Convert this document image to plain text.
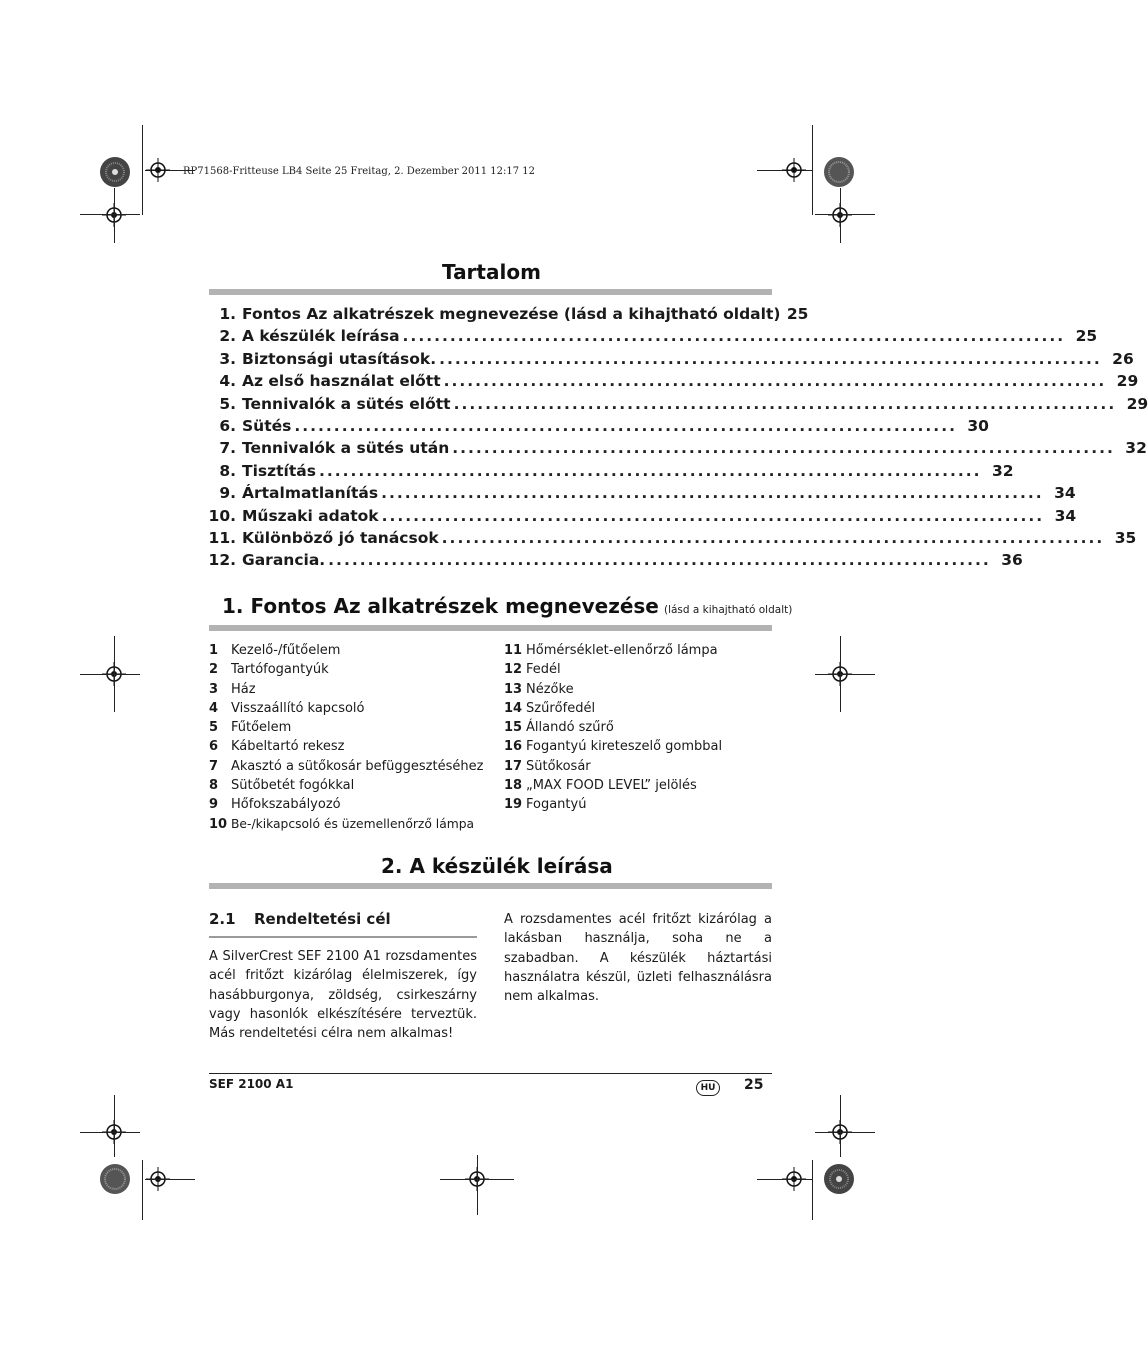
RP71568-Fritteuse LB4 Seite 25 Freitag, 2. Dezember 2011 12:17 12
Tartalom
1. Fontos Az alkatrészek megnevezése (lásd a kihajtható oldalt) 25
2. A készülék leírása .................................................................................... 25
3. Biztonsági utasítások. .................................................................................... 26
4. Az első használat előtt .................................................................................... 29
5. Tennivalók a sütés előtt .................................................................................... 29
6. Sütés .................................................................................... 30
7. Tennivalók a sütés után .................................................................................... 32
8. Tisztítás .................................................................................... 32
9. Ártalmatlanítás .................................................................................... 34
10. Műszaki adatok .................................................................................... 34
11. Különböző jó tanácsok .................................................................................... 35
12. Garancia. .................................................................................... 36
1. Fontos Az alkatrészek megnevezése (lásd a kihajtható oldalt)
1 Kezelő-/fűtőelem
2 Tartófogantyúk
3 Ház
4 Visszaállító kapcsoló
5 Fűtőelem
6 Kábeltartó rekesz
7 Akasztó a sütőkosár befüggesztéséhez
8 Sütőbetét fogókkal
9 Hőfokszabályozó
10 Be-/kikapcsoló és üzemellenőrző lámpa
11 Hőmérséklet-ellenőrző lámpa
12 Fedél
13 Nézőke
14 Szűrőfedél
15 Állandó szűrő
16 Fogantyú kireteszelő gombbal
17 Sütőkosár
18 „MAX FOOD LEVEL” jelölés
19 Fogantyú
2. A készülék leírása
2.1 Rendeltetési cél
A SilverCrest SEF 2100 A1 rozsdamentes acél fritőzt kizárólag élelmiszerek, így hasábburgonya, zöldség, csirkeszárny vagy hasonlók elkészítésére terveztük. Más rendeltetési célra nem alkalmas!
A rozsdamentes acél fritőzt kizárólag a lakásban használja, soha ne a szabadban. A készülék háztartási használatra készül, üzleti felhasználásra nem alkalmas.
SEF 2100 A1	HU	25
